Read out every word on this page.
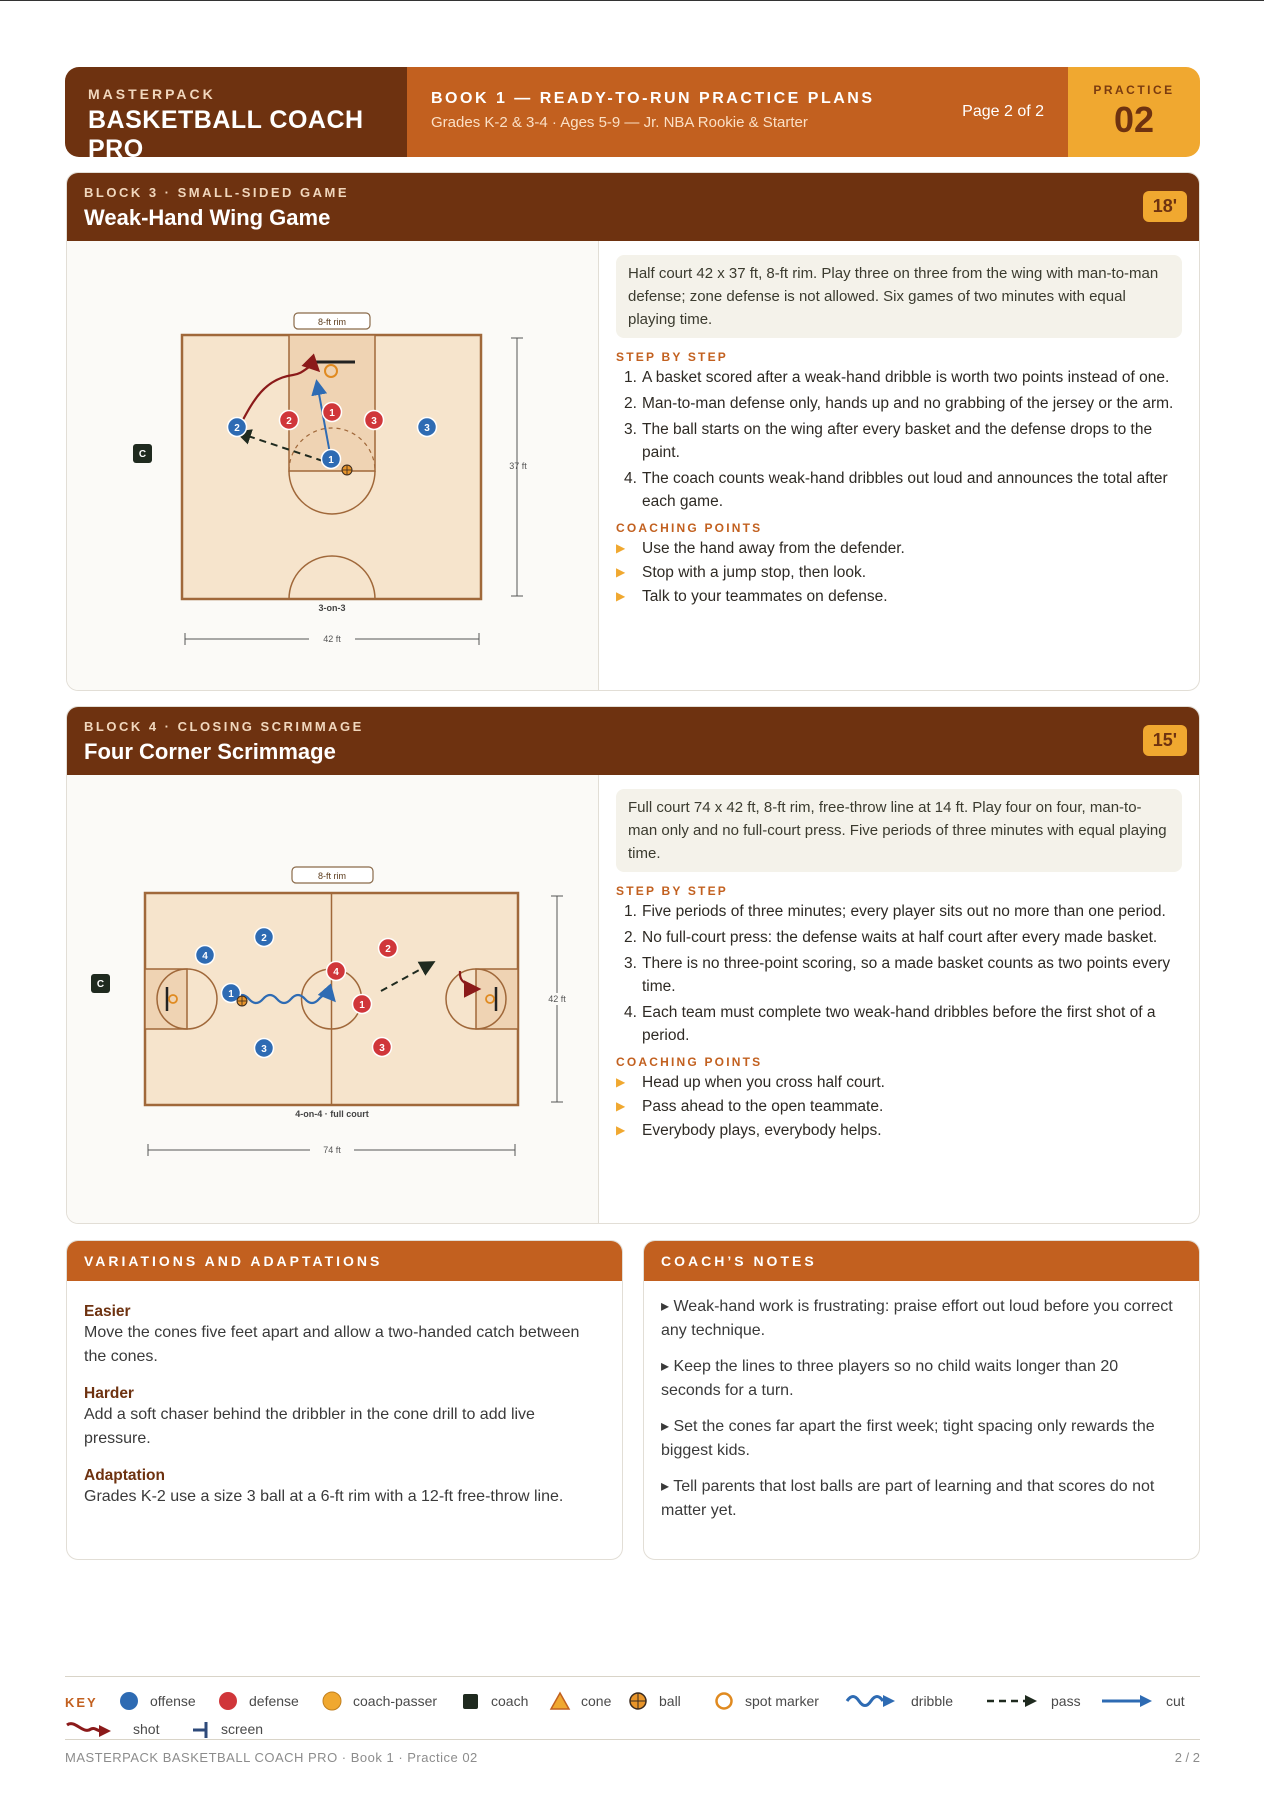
MASTERPACK
BASKETBALL COACH PRO
BOOK 1 — READY-TO-RUN PRACTICE PLANS
Grades K-2 & 3-4 · Ages 5-9 — Jr. NBA Rookie & Starter
Page 2 of 2
PRACTICE
02
BLOCK 3 · SMALL-SIDED GAME
Weak-Hand Wing Game	18'
8-ft rim
37 ft
3-on-3
42 ft
C
2
1
3
2
1
3
Half court 42 x 37 ft, 8-ft rim. Play three on three from the wing with man-to-man defense; zone defense is not allowed. Six games of two minutes with equal playing time.
STEP BY STEP
1. A basket scored after a weak-hand dribble is worth two points instead of one.
2. Man-to-man defense only, hands up and no grabbing of the jersey or the arm.
3. The ball starts on the wing after every basket and the defense drops to the paint.
4. The coach counts weak-hand dribbles out loud and announces the total after each game.
COACHING POINTS
▶ Use the hand away from the defender.
▶ Stop with a jump stop, then look.
▶ Talk to your teammates on defense.
BLOCK 4 · CLOSING SCRIMMAGE
Four Corner Scrimmage	15'
8-ft rim
42 ft
4-on-4 · full court
74 ft
C
4
2
1
3
4
2
1
3
Full court 74 x 42 ft, 8-ft rim, free-throw line at 14 ft. Play four on four, man-to-man only and no full-court press. Five periods of three minutes with equal playing time.
STEP BY STEP
1. Five periods of three minutes; every player sits out no more than one period.
2. No full-court press: the defense waits at half court after every made basket.
3. There is no three-point scoring, so a made basket counts as two points every time.
4. Each team must complete two weak-hand dribbles before the first shot of a period.
COACHING POINTS
▶ Head up when you cross half court.
▶ Pass ahead to the open teammate.
▶ Everybody plays, everybody helps.
VARIATIONS AND ADAPTATIONS
Easier
Move the cones five feet apart and allow a two-handed catch between the cones.
Harder
Add a soft chaser behind the dribbler in the cone drill to add live pressure.
Adaptation
Grades K-2 use a size 3 ball at a 6-ft rim with a 12-ft free-throw line.
COACH’S NOTES

▸ Weak-hand work is frustrating: praise effort out loud before you correct any technique.

▸ Keep the lines to three players so no child waits longer than 20 seconds for a turn.

▸ Set the cones far apart the first week; tight spacing only rewards the biggest kids.

▸ Tell parents that lost balls are part of learning and that scores do not matter yet.

KEY	offense	defense	coach-passer	coach	cone	ball	spot marker	dribble	pass	cut
shot	screen
MASTERPACK BASKETBALL COACH PRO · Book 1 · Practice 02	2 / 2
